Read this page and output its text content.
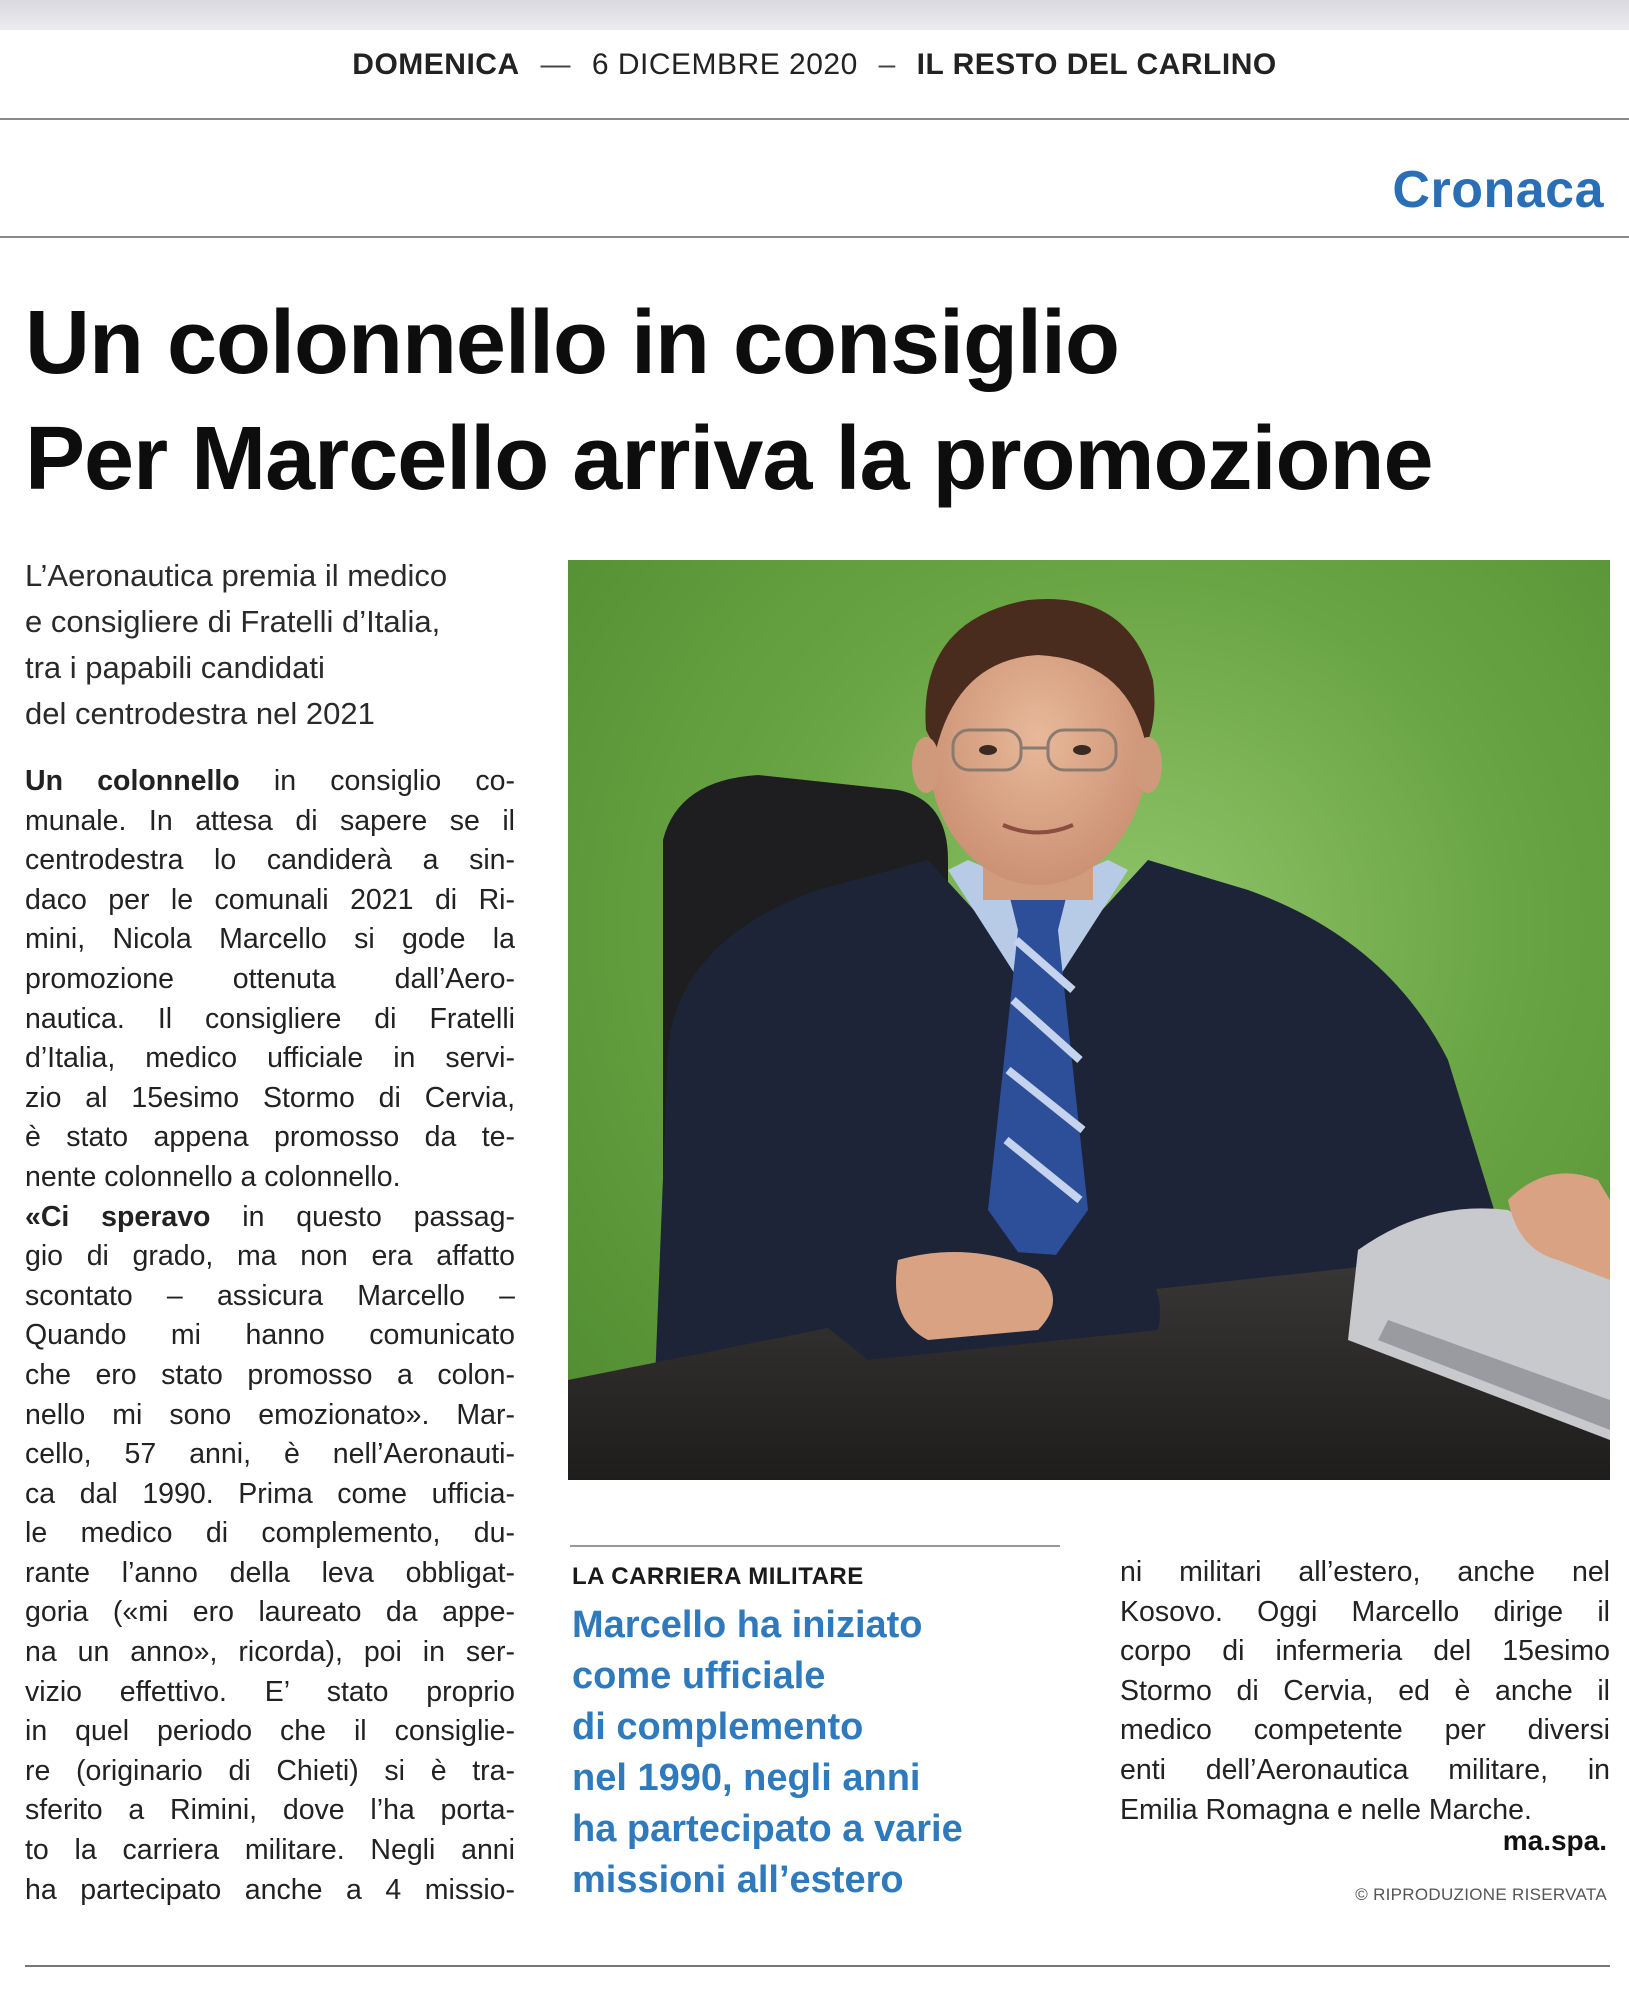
DOMENICA — 6 DICEMBRE 2020 – IL RESTO DEL CARLINO
Cronaca
Un colonnello in consiglio
Per Marcello arriva la promozione
L’Aeronautica premia il medico
e consigliere di Fratelli d’Italia,
tra i papabili candidati
del centrodestra nel 2021
Un colonnello in consiglio co-
munale. In attesa di sapere se il
centrodestra lo candiderà a sin-
daco per le comunali 2021 di Ri-
mini, Nicola Marcello si gode la
promozione ottenuta dall’Aero-
nautica. Il consigliere di Fratelli
d’Italia, medico ufficiale in servi-
zio al 15esimo Stormo di Cervia,
è stato appena promosso da te-
nente colonnello a colonnello.
«Ci speravo in questo passag-
gio di grado, ma non era affatto
scontato – assicura Marcello –
Quando mi hanno comunicato
che ero stato promosso a colon-
nello mi sono emozionato». Mar-
cello, 57 anni, è nell’Aeronauti-
ca dal 1990. Prima come ufficia-
le medico di complemento, du-
rante l’anno della leva obbligat-
goria («mi ero laureato da appe-
na un anno», ricorda), poi in ser-
vizio effettivo. E’ stato proprio
in quel periodo che il consiglie-
re (originario di Chieti) si è tra-
sferito a Rimini, dove l’ha porta-
to la carriera militare. Negli anni
ha partecipato anche a 4 missio-
LA CARRIERA MILITARE
Marcello ha iniziato
come ufficiale
di complemento
nel 1990, negli anni
ha partecipato a varie
missioni all’estero
ni militari all’estero, anche nel
Kosovo. Oggi Marcello dirige il
corpo di infermeria del 15esimo
Stormo di Cervia, ed è anche il
medico competente per diversi
enti dell’Aeronautica militare, in
Emilia Romagna e nelle Marche.
ma.spa.
© RIPRODUZIONE RISERVATA
